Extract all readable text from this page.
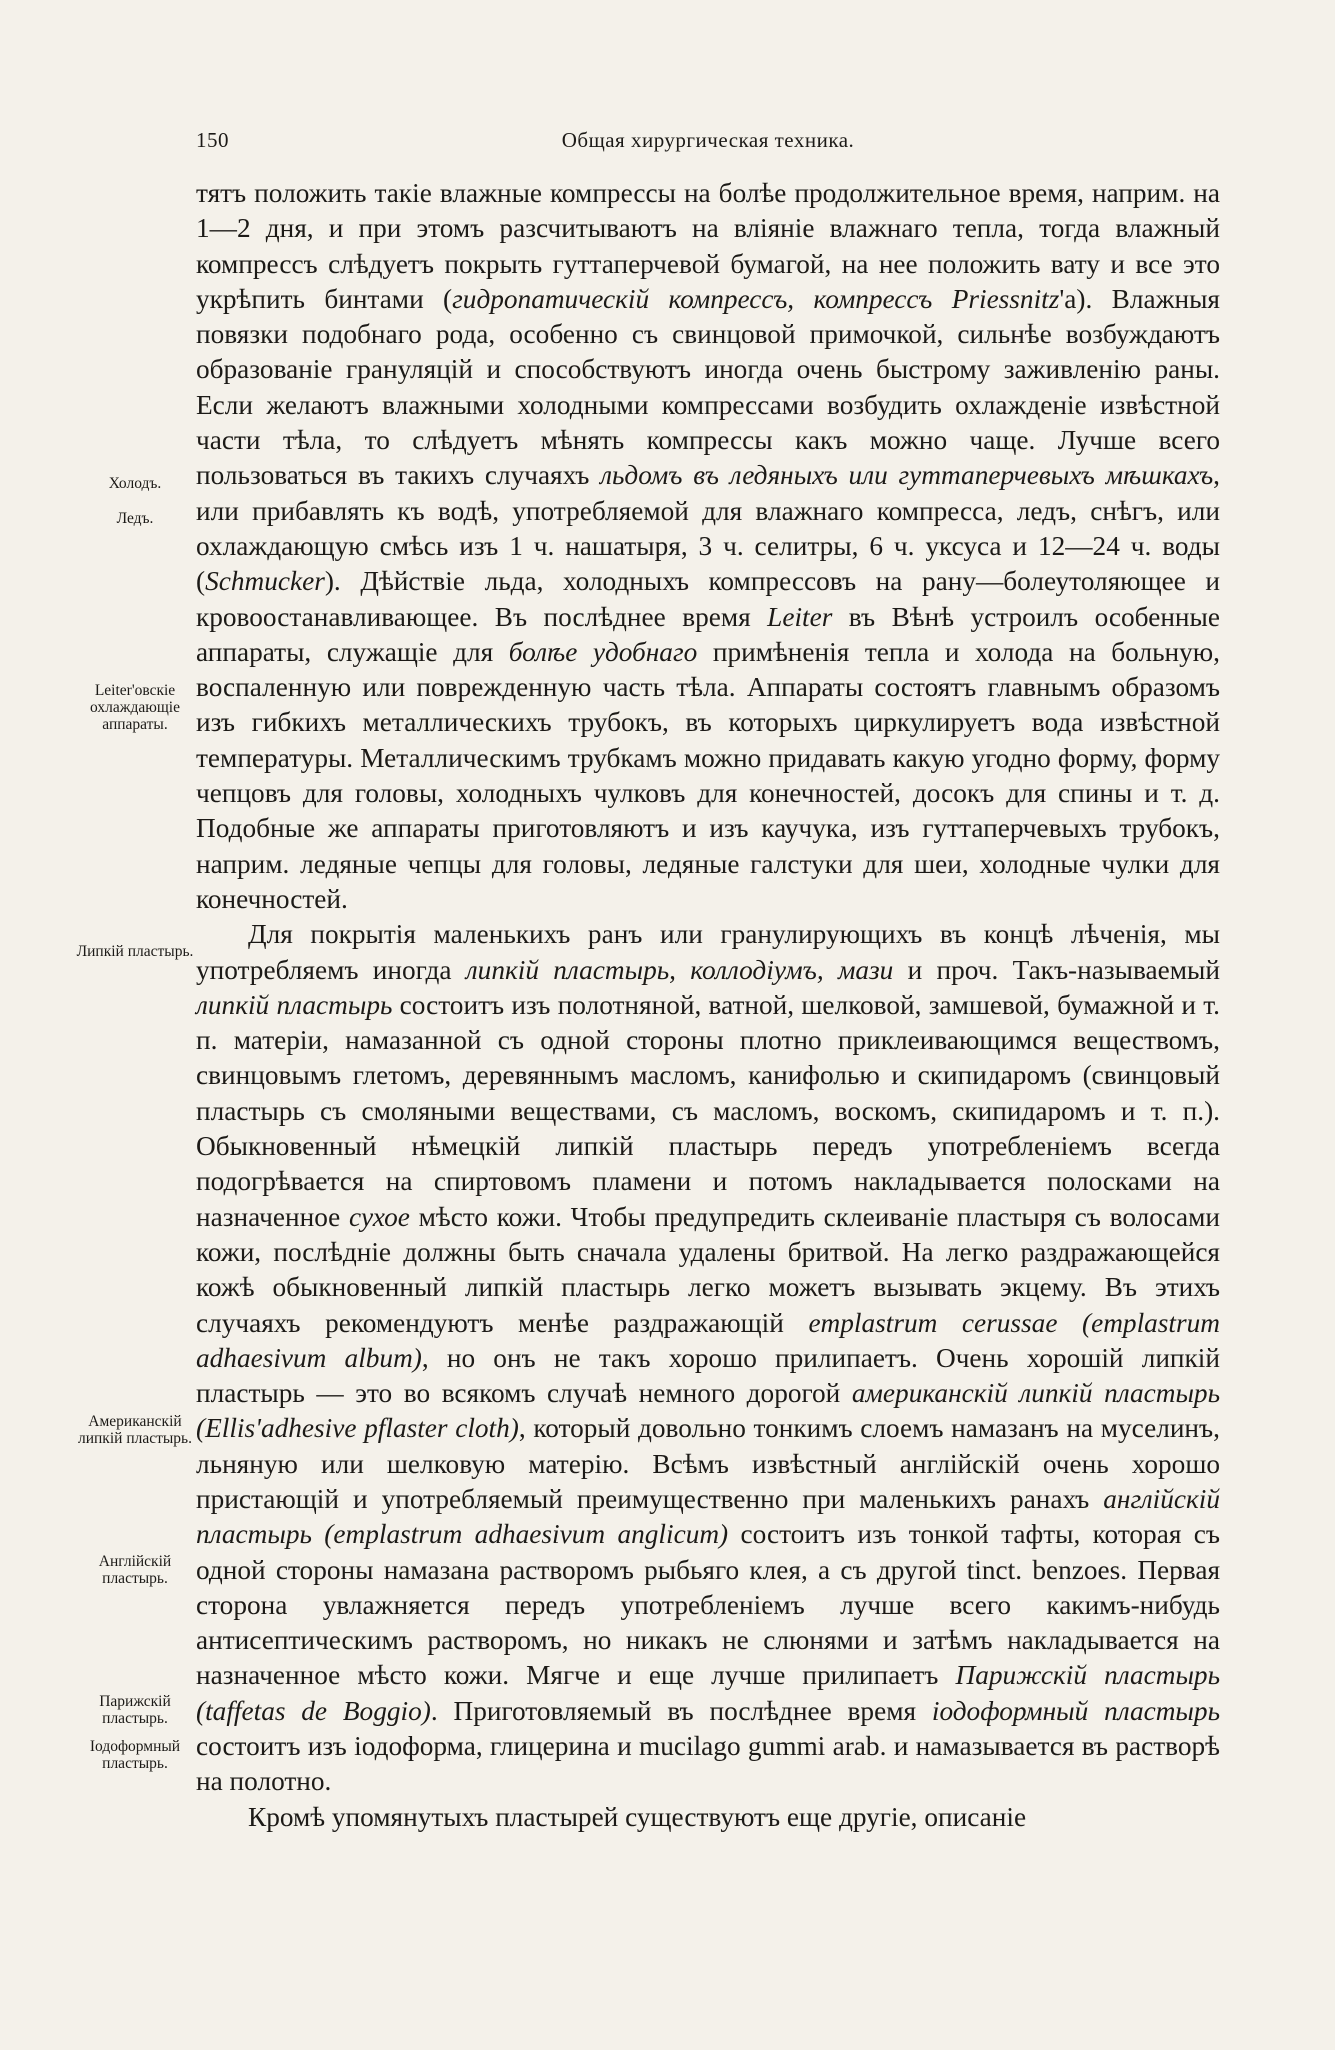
150	Общая хирургическая техника.
Холодъ.
Ледъ.
Leiter'овскіе охлаждающіе аппараты.
Липкій пластырь.
Американскій липкій пластырь.
Англійскій пластырь.
Парижскій пластырь.
Іодоформный пластырь.

тятъ положить такіе влажные компрессы на болѣе продолжительное время, наприм. на 1—2 дня, и при этомъ разсчитываютъ на вліяніе влажнаго тепла, тогда влажный компрессъ слѣдуетъ покрыть гуттаперчевой бумагой, на нее положить вату и все это укрѣпить бинтами (гидропатическій компрессъ, компрессъ Priessnitz'а). Влажныя повязки подобнаго рода, особенно съ свинцовой примочкой, сильнѣе возбуждаютъ образованіе грануляцій и способствуютъ иногда очень быстрому заживленію раны. Если желаютъ влажными холодными компрессами возбудить охлажденіе извѣстной части тѣла, то слѣдуетъ мѣнять компрессы какъ можно чаще. Лучше всего пользоваться въ такихъ случаяхъ льдомъ въ ледяныхъ или гуттаперчевыхъ мѣшкахъ, или прибавлять къ водѣ, употребляемой для влажнаго компресса, ледъ, снѣгъ, или охлаждающую смѣсь изъ 1 ч. нашатыря, 3 ч. селитры, 6 ч. уксуса и 12—24 ч. воды (Schmucker). Дѣйствіе льда, холодныхъ компрессовъ на рану—болеутоляющее и кровоостанавливающее. Въ послѣднее время Leiter въ Вѣнѣ устроилъ особенные аппараты, служащіе для болѣе удобнаго примѣненія тепла и холода на больную, воспаленную или поврежденную часть тѣла. Аппараты состоятъ главнымъ образомъ изъ гибкихъ металлическихъ трубокъ, въ которыхъ циркулируетъ вода извѣстной температуры. Металлическимъ трубкамъ можно придавать какую угодно форму, форму чепцовъ для головы, холодныхъ чулковъ для конечностей, досокъ для спины и т. д. Подобные же аппараты приготовляютъ и изъ каучука, изъ гуттаперчевыхъ трубокъ, наприм. ледяные чепцы для головы, ледяные галстуки для шеи, холодные чулки для конечностей.

Для покрытія маленькихъ ранъ или гранулирующихъ въ концѣ лѣченія, мы употребляемъ иногда липкій пластырь, коллодіумъ, мази и проч. Такъ-называемый липкій пластырь состоитъ изъ полотняной, ватной, шелковой, замшевой, бумажной и т. п. матеріи, намазанной съ одной стороны плотно приклеивающимся веществомъ, свинцовымъ глетомъ, деревяннымъ масломъ, канифолью и скипидаромъ (свинцовый пластырь съ смоляными веществами, съ масломъ, воскомъ, скипидаромъ и т. п.). Обыкновенный нѣмецкій липкій пластырь передъ употребленіемъ всегда подогрѣвается на спиртовомъ пламени и потомъ накладывается полосками на назначенное сухое мѣсто кожи. Чтобы предупредить склеиваніе пластыря съ волосами кожи, послѣдніе должны быть сначала удалены бритвой. На легко раздражающейся кожѣ обыкновенный липкій пластырь легко можетъ вызывать экцему. Въ этихъ случаяхъ рекомендуютъ менѣе раздражающій emplastrum cerussae (emplastrum adhaesivum album), но онъ не такъ хорошо прилипаетъ. Очень хорошій липкій пластырь — это во всякомъ случаѣ немного дорогой американскій липкій пластырь (Ellis'adhesive pflaster cloth), который довольно тонкимъ слоемъ намазанъ на муселинъ, льняную или шелковую матерію. Всѣмъ извѣстный англійскій очень хорошо пристающій и употребляемый преимущественно при маленькихъ ранахъ англійскій пластырь (emplastrum adhaesivum anglicum) состоитъ изъ тонкой тафты, которая съ одной стороны намазана растворомъ рыбьяго клея, а съ другой tinct. benzoes. Первая сторона увлажняется передъ употребленіемъ лучше всего какимъ-нибудь антисептическимъ растворомъ, но никакъ не слюнями и затѣмъ накладывается на назначенное мѣсто кожи. Мягче и еще лучше прилипаетъ Парижскій пластырь (taffetas de Boggio). Приготовляемый въ послѣднее время іодоформный пластырь состоитъ изъ іодоформа, глицерина и mucilago gummi arab. и намазывается въ растворѣ на полотно.

Кромѣ упомянутыхъ пластырей существуютъ еще другіе, описаніе
